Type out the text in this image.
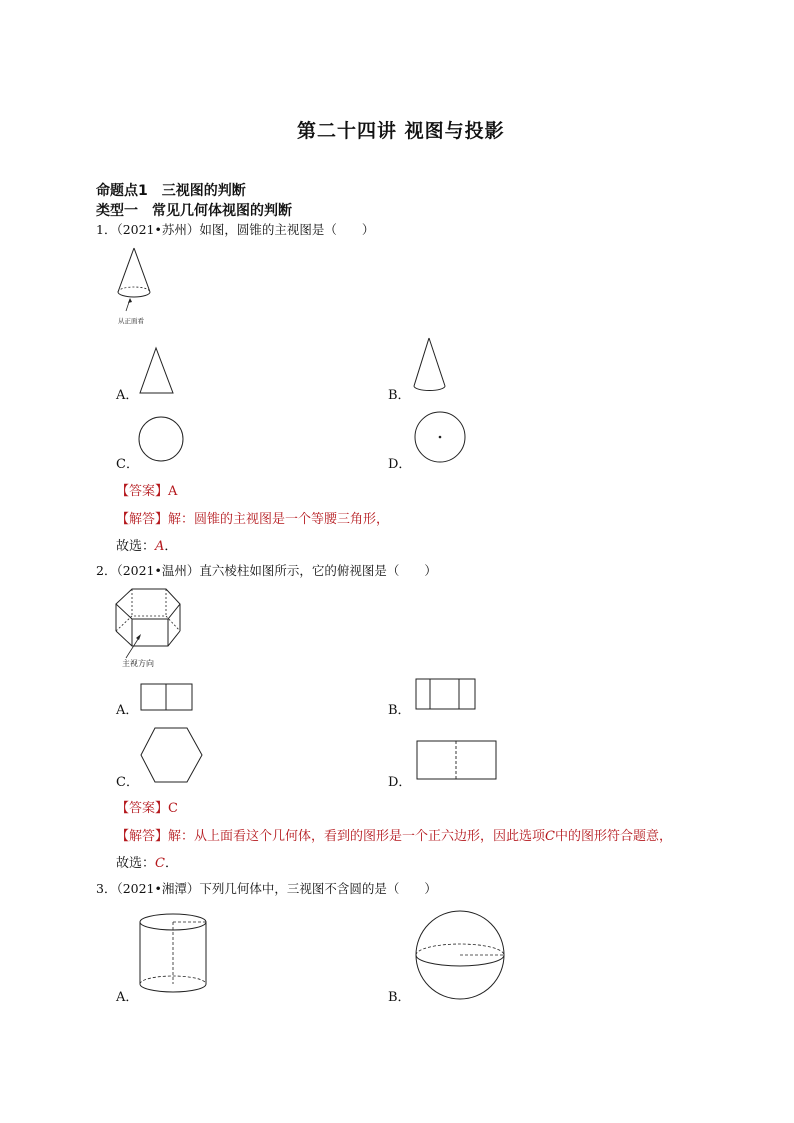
第二十四讲 视图与投影
命题点1　三视图的判断
类型一　常见几何体视图的判断
1．（2021•苏州）如图，圆锥的主视图是（　　）
从正面看
A．	B．
C．	D．
【答案】A
【解答】解：圆锥的主视图是一个等腰三角形，
故选：A．
2．（2021•温州）直六棱柱如图所示，它的俯视图是（　　）
主视方向
A．	B．
C．	D．
【答案】C
【解答】解：从上面看这个几何体，看到的图形是一个正六边形，因此选项C中的图形符合题意，
故选：C．
3．（2021•湘潭）下列几何体中，三视图不含圆的是（　　）
A．	B．
